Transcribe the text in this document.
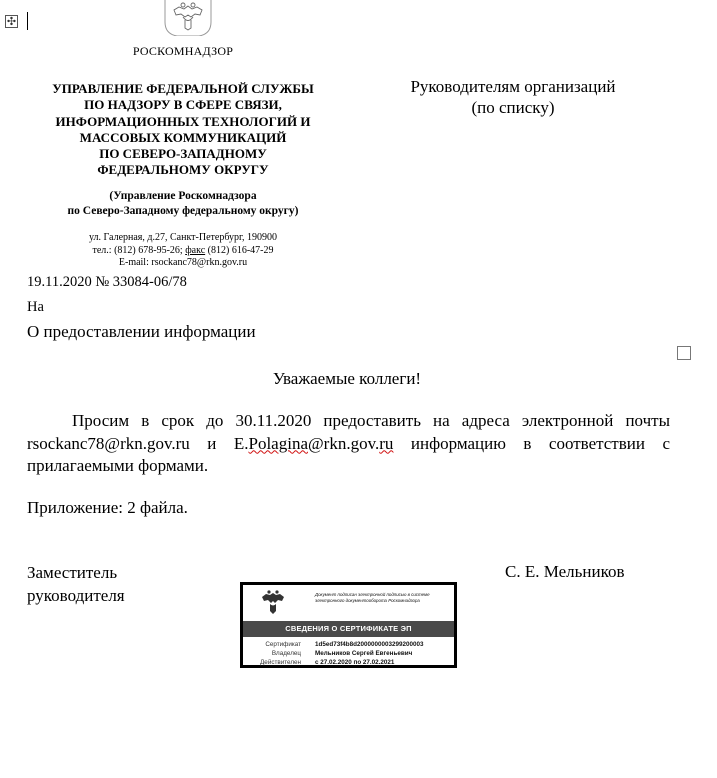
✣
РОСКОМНАДЗОР
УПРАВЛЕНИЕ ФЕДЕРАЛЬНОЙ СЛУЖБЫ
ПО НАДЗОРУ В СФЕРЕ СВЯЗИ,
ИНФОРМАЦИОННЫХ ТЕХНОЛОГИЙ И
МАССОВЫХ КОММУНИКАЦИЙ
ПО СЕВЕРО-ЗАПАДНОМУ
ФЕДЕРАЛЬНОМУ ОКРУГУ
(Управление Роскомнадзора
по Северо-Западному федеральному округу)
ул. Галерная, д.27, Санкт-Петербург, 190900
тел.: (812) 678-95-26; факс (812) 616-47-29
E-mail: rsockanc78@rkn.gov.ru
Руководителям организаций
(по списку)
19.11.2020 № 33084-06/78
На
О предоставлении информации
Уважаемые коллеги!
Просим в срок до 30.11.2020 предоставить на адреса электронной почты rsockanc78@rkn.gov.ru и E.Polagina@rkn.gov.ru информацию в соответствии с прилагаемыми формами.
Приложение: 2 файла.
Заместитель
руководителя
С. Е. Мельников
Документ подписан электронной подписью в системе электронного документооборота Роскомнадзора
СВЕДЕНИЯ О СЕРТИФИКАТЕ ЭП
Сертификат 1d5ed73f4b8d2000000003299200003
Владелец Мельников Сергей Евгеньевич
Действителен с 27.02.2020 по 27.02.2021
